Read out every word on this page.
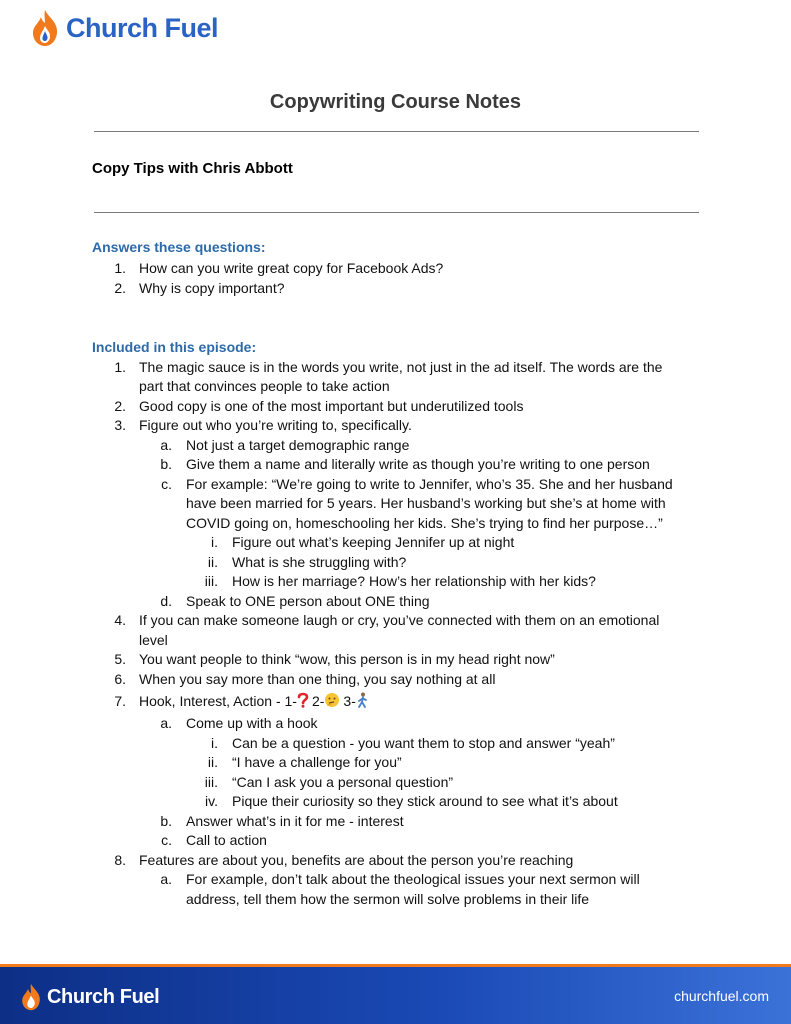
Church Fuel
Copywriting Course Notes
Copy Tips with Chris Abbott
Answers these questions:
1. How can you write great copy for Facebook Ads?
2. Why is copy important?
Included in this episode:
1. The magic sauce is in the words you write, not just in the ad itself. The words are the
part that convinces people to take action
2. Good copy is one of the most important but underutilized tools
3. Figure out who you’re writing to, specifically.
a. Not just a target demographic range
b. Give them a name and literally write as though you’re writing to one person
c. For example: “We’re going to write to Jennifer, who’s 35. She and her husband
have been married for 5 years. Her husband’s working but she’s at home with
COVID going on, homeschooling her kids. She’s trying to find her purpose…”
i. Figure out what’s keeping Jennifer up at night
ii. What is she struggling with?
iii. How is her marriage? How’s her relationship with her kids?
d. Speak to ONE person about ONE thing
4. If you can make someone laugh or cry, you’ve connected with them on an emotional
level
5. You want people to think “wow, this person is in my head right now”
6. When you say more than one thing, you say nothing at all
7. Hook, Interest, Action - 1- 2- 3-
a. Come up with a hook
i. Can be a question - you want them to stop and answer “yeah”
ii. “I have a challenge for you”
iii. “Can I ask you a personal question”
iv. Pique their curiosity so they stick around to see what it’s about
b. Answer what’s in it for me - interest
c. Call to action
8. Features are about you, benefits are about the person you’re reaching
a. For example, don’t talk about the theological issues your next sermon will
address, tell them how the sermon will solve problems in their life
Church Fuel	churchfuel.com
